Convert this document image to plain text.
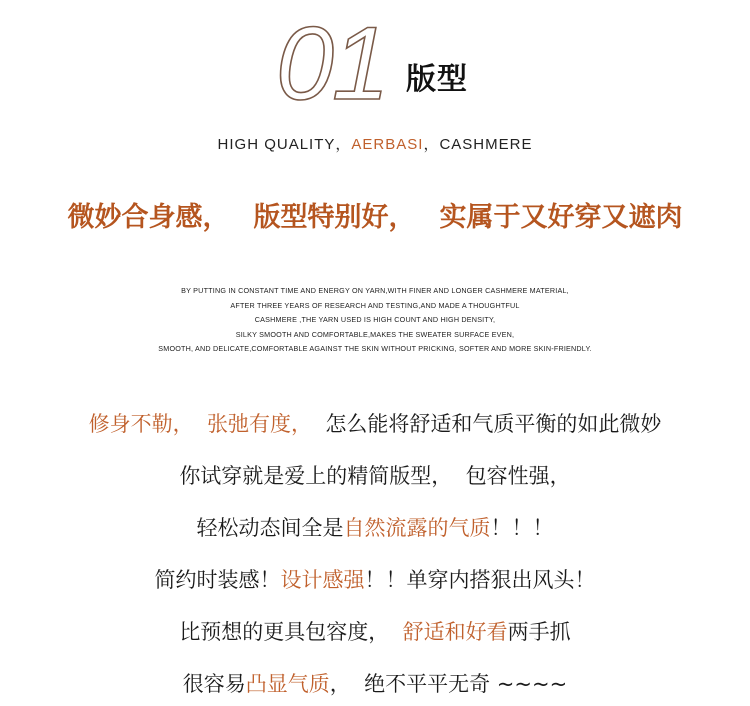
01 版型
HIGH QUALITY，AERBASI，CASHMERE
微妙合身感， 版型特别好， 实属于又好穿又遮肉
BY PUTTING IN CONSTANT TIME AND ENERGY ON YARN,WITH FINER AND LONGER CASHMERE MATERIAL,
AFTER THREE YEARS OF RESEARCH AND TESTING,AND MADE A THOUGHTFUL
CASHMERE ,THE YARN USED IS HIGH COUNT AND HIGH DENSITY,
SILKY SMOOTH AND COMFORTABLE,MAKES THE SWEATER SURFACE EVEN,
SMOOTH, AND DELICATE,COMFORTABLE AGAINST THE SKIN WITHOUT PRICKING, SOFTER AND MORE SKIN-FRIENDLY.
修身不勒， 张弛有度， 怎么能将舒适和气质平衡的如此微妙
你试穿就是爱上的精简版型，  包容性强，
轻松动态间全是自然流露的气质！！！
简约时装感！设计感强！！单穿内搭狠出风头！
比预想的更具包容度，  舒适和好看两手抓
很容易凸显气质，  绝不平平无奇 ~~~~
